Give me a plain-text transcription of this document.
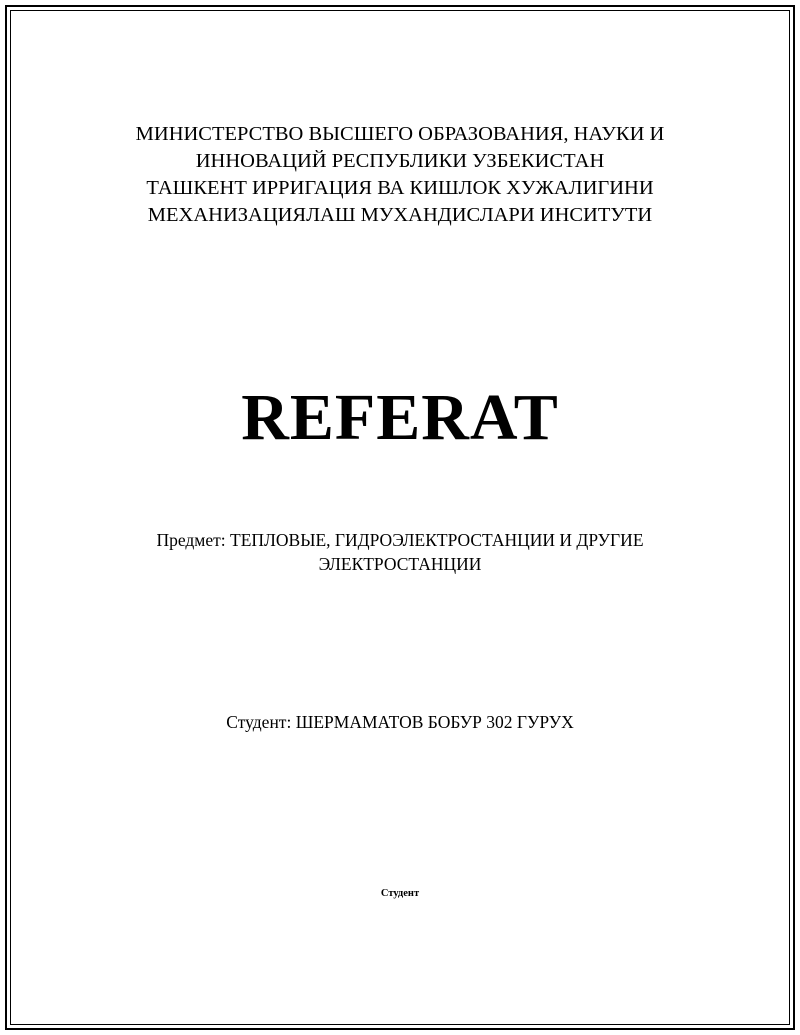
МИНИСТЕРСТВО ВЫСШЕГО ОБРАЗОВАНИЯ, НАУКИ И
ИННОВАЦИЙ РЕСПУБЛИКИ УЗБЕКИСТАН
ТАШКЕНТ ИРРИГАЦИЯ ВА КИШЛОК ХУЖАЛИГИНИ
МЕХАНИЗАЦИЯЛАШ МУХАНДИСЛАРИ ИНСИТУТИ
REFERAT
Предмет: ТЕПЛОВЫЕ, ГИДРОЭЛЕКТРОСТАНЦИИ И ДРУГИЕ
ЭЛЕКТРОСТАНЦИИ
Студент: ШЕРМАМАТОВ БОБУР 302 ГУРУХ
Студент
